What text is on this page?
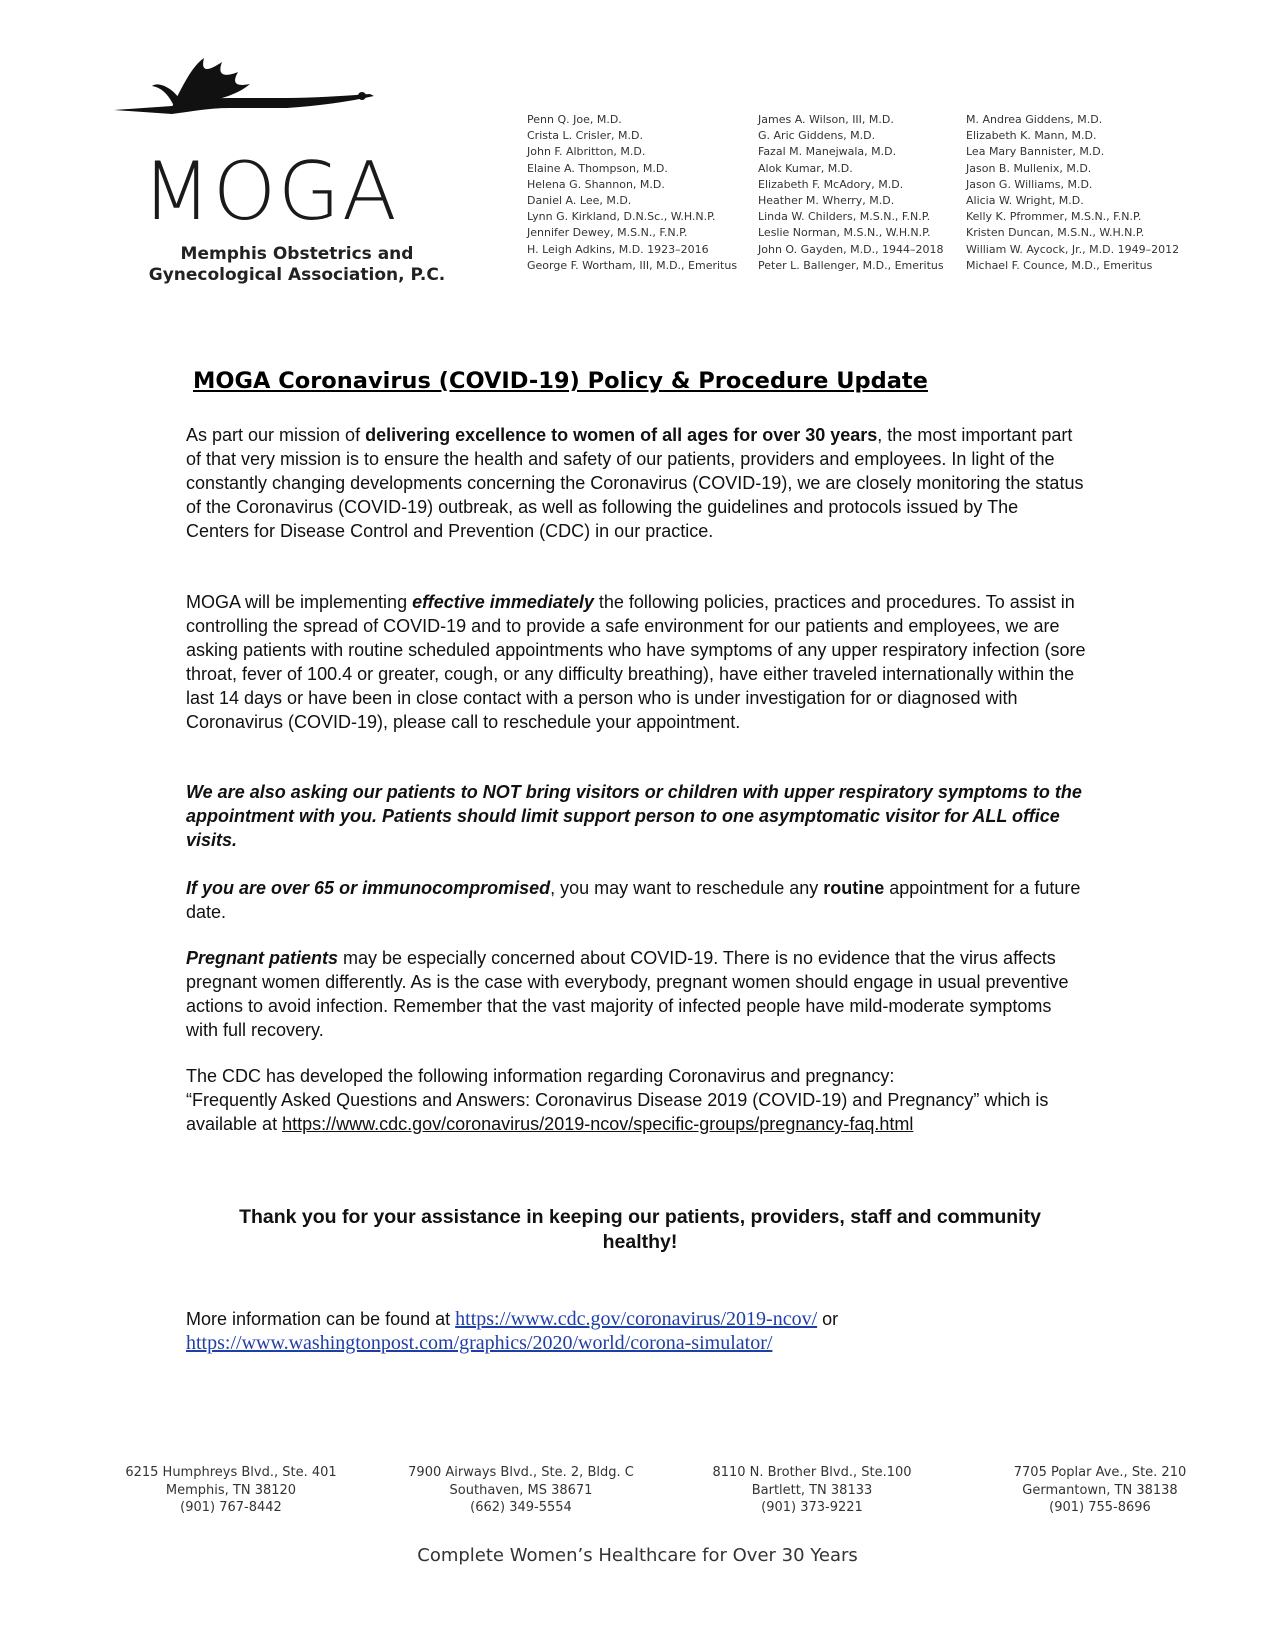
MOGA
Memphis Obstetrics and
Gynecological Association, P.C.
Penn Q. Joe, M.D.
Crista L. Crisler, M.D.
John F. Albritton, M.D.
Elaine A. Thompson, M.D.
Helena G. Shannon, M.D.
Daniel A. Lee, M.D.
Lynn G. Kirkland, D.N.Sc., W.H.N.P.
Jennifer Dewey, M.S.N., F.N.P.
H. Leigh Adkins, M.D. 1923–2016
George F. Wortham, III, M.D., Emeritus
James A. Wilson, III, M.D.
G. Aric Giddens, M.D.
Fazal M. Manejwala, M.D.
Alok Kumar, M.D.
Elizabeth F. McAdory, M.D.
Heather M. Wherry, M.D.
Linda W. Childers, M.S.N., F.N.P.
Leslie Norman, M.S.N., W.H.N.P.
John O. Gayden, M.D., 1944–2018
Peter L. Ballenger, M.D., Emeritus
M. Andrea Giddens, M.D.
Elizabeth K. Mann, M.D.
Lea Mary Bannister, M.D.
Jason B. Mullenix, M.D.
Jason G. Williams, M.D.
Alicia W. Wright, M.D.
Kelly K. Pfrommer, M.S.N., F.N.P.
Kristen Duncan, M.S.N., W.H.N.P.
William W. Aycock, Jr., M.D. 1949–2012
Michael F. Counce, M.D., Emeritus
MOGA Coronavirus (COVID-19) Policy & Procedure Update

As part our mission of delivering excellence to women of all ages for over 30 years, the most important part of that very mission is to ensure the health and safety of our patients, providers and employees. In light of the constantly changing developments concerning the Coronavirus (COVID-19), we are closely monitoring the status of the Coronavirus (COVID-19) outbreak, as well as following the guidelines and protocols issued by The Centers for Disease Control and Prevention (CDC) in our practice.

MOGA will be implementing effective immediately the following policies, practices and procedures. To assist in controlling the spread of COVID-19 and to provide a safe environment for our patients and employees, we are asking patients with routine scheduled appointments who have symptoms of any upper respiratory infection (sore throat, fever of 100.4 or greater, cough, or any difficulty breathing), have either traveled internationally within the last 14 days or have been in close contact with a person who is under investigation for or diagnosed with Coronavirus (COVID-19), please call to reschedule your appointment.

We are also asking our patients to NOT bring visitors or children with upper respiratory symptoms to the appointment with you. Patients should limit support person to one asymptomatic visitor for ALL office visits.

If you are over 65 or immunocompromised, you may want to reschedule any routine appointment for a future date.

Pregnant patients may be especially concerned about COVID-19. There is no evidence that the virus affects pregnant women differently. As is the case with everybody, pregnant women should engage in usual preventive actions to avoid infection. Remember that the vast majority of infected people have mild-moderate symptoms with full recovery.

The CDC has developed the following information regarding Coronavirus and pregnancy:
“Frequently Asked Questions and Answers: Coronavirus Disease 2019 (COVID-19) and Pregnancy” which is available at https://www.cdc.gov/coronavirus/2019-ncov/specific-groups/pregnancy-faq.html

Thank you for your assistance in keeping our patients, providers, staff and community healthy!

More information can be found at https://www.cdc.gov/coronavirus/2019-ncov/ or
https://www.washingtonpost.com/graphics/2020/world/corona-simulator/

6215 Humphreys Blvd., Ste. 401
Memphis, TN 38120
(901) 767-8442
7900 Airways Blvd., Ste. 2, Bldg. C
Southaven, MS 38671
(662) 349-5554
8110 N. Brother Blvd., Ste.100
Bartlett, TN 38133
(901) 373-9221
7705 Poplar Ave., Ste. 210
Germantown, TN 38138
(901) 755-8696
Complete Women’s Healthcare for Over 30 Years
